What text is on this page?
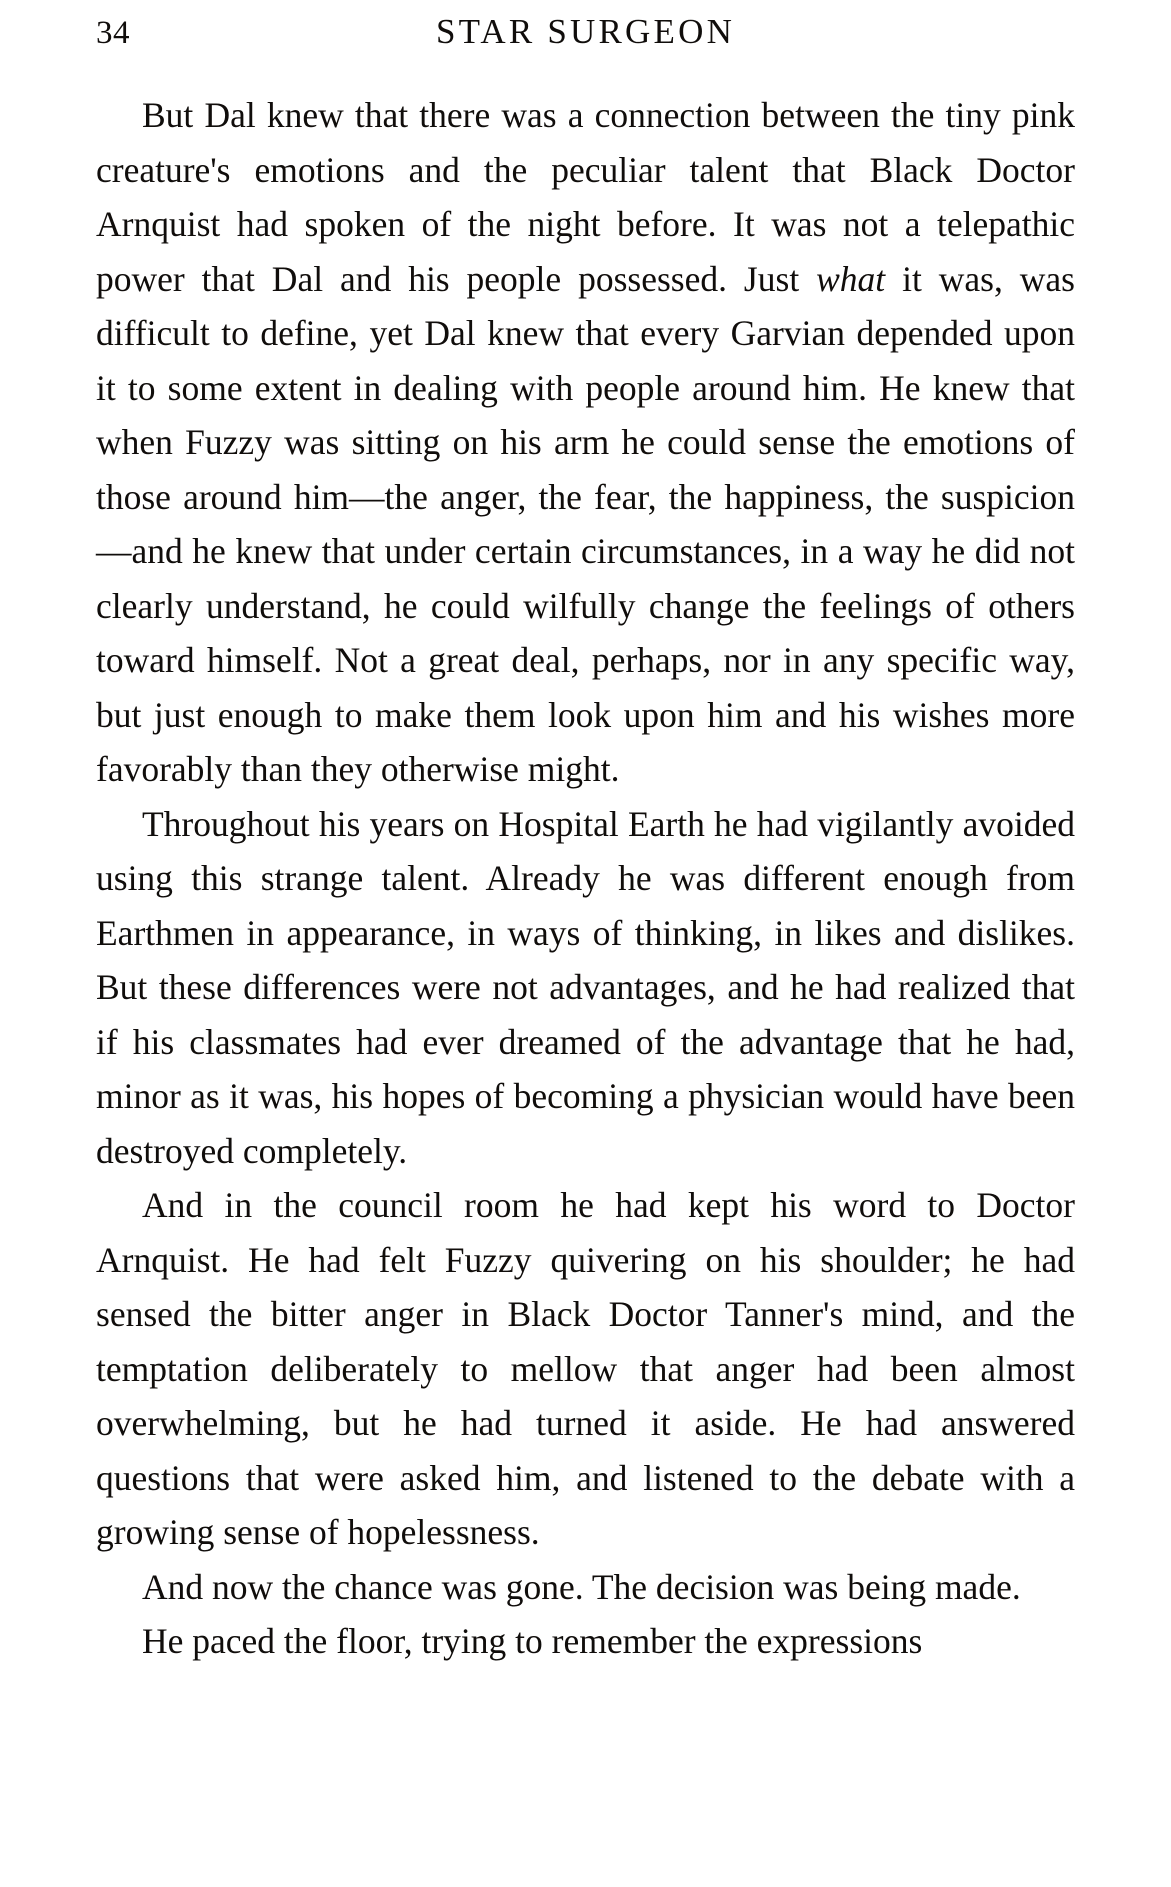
34	STAR SURGEON

But Dal knew that there was a connection between the tiny pink creature's emotions and the peculiar talent that Black Doctor Arnquist had spoken of the night before. It was not a telepathic power that Dal and his people possessed. Just what it was, was difficult to define, yet Dal knew that every Garvian depended upon it to some extent in dealing with people around him. He knew that when Fuzzy was sitting on his arm he could sense the emotions of those around him—the anger, the fear, the happiness, the suspicion—and he knew that under certain circumstances, in a way he did not clearly understand, he could wilfully change the feelings of others toward himself. Not a great deal, perhaps, nor in any specific way, but just enough to make them look upon him and his wishes more favorably than they otherwise might.

Throughout his years on Hospital Earth he had vigilantly avoided using this strange talent. Already he was different enough from Earthmen in appearance, in ways of thinking, in likes and dislikes. But these differences were not advantages, and he had realized that if his classmates had ever dreamed of the advantage that he had, minor as it was, his hopes of becoming a physician would have been destroyed completely.

And in the council room he had kept his word to Doctor Arnquist. He had felt Fuzzy quivering on his shoulder; he had sensed the bitter anger in Black Doctor Tanner's mind, and the temptation deliberately to mellow that anger had been almost overwhelming, but he had turned it aside. He had answered questions that were asked him, and listened to the debate with a growing sense of hopelessness.

And now the chance was gone. The decision was being made.

He paced the floor, trying to remember the expressions
